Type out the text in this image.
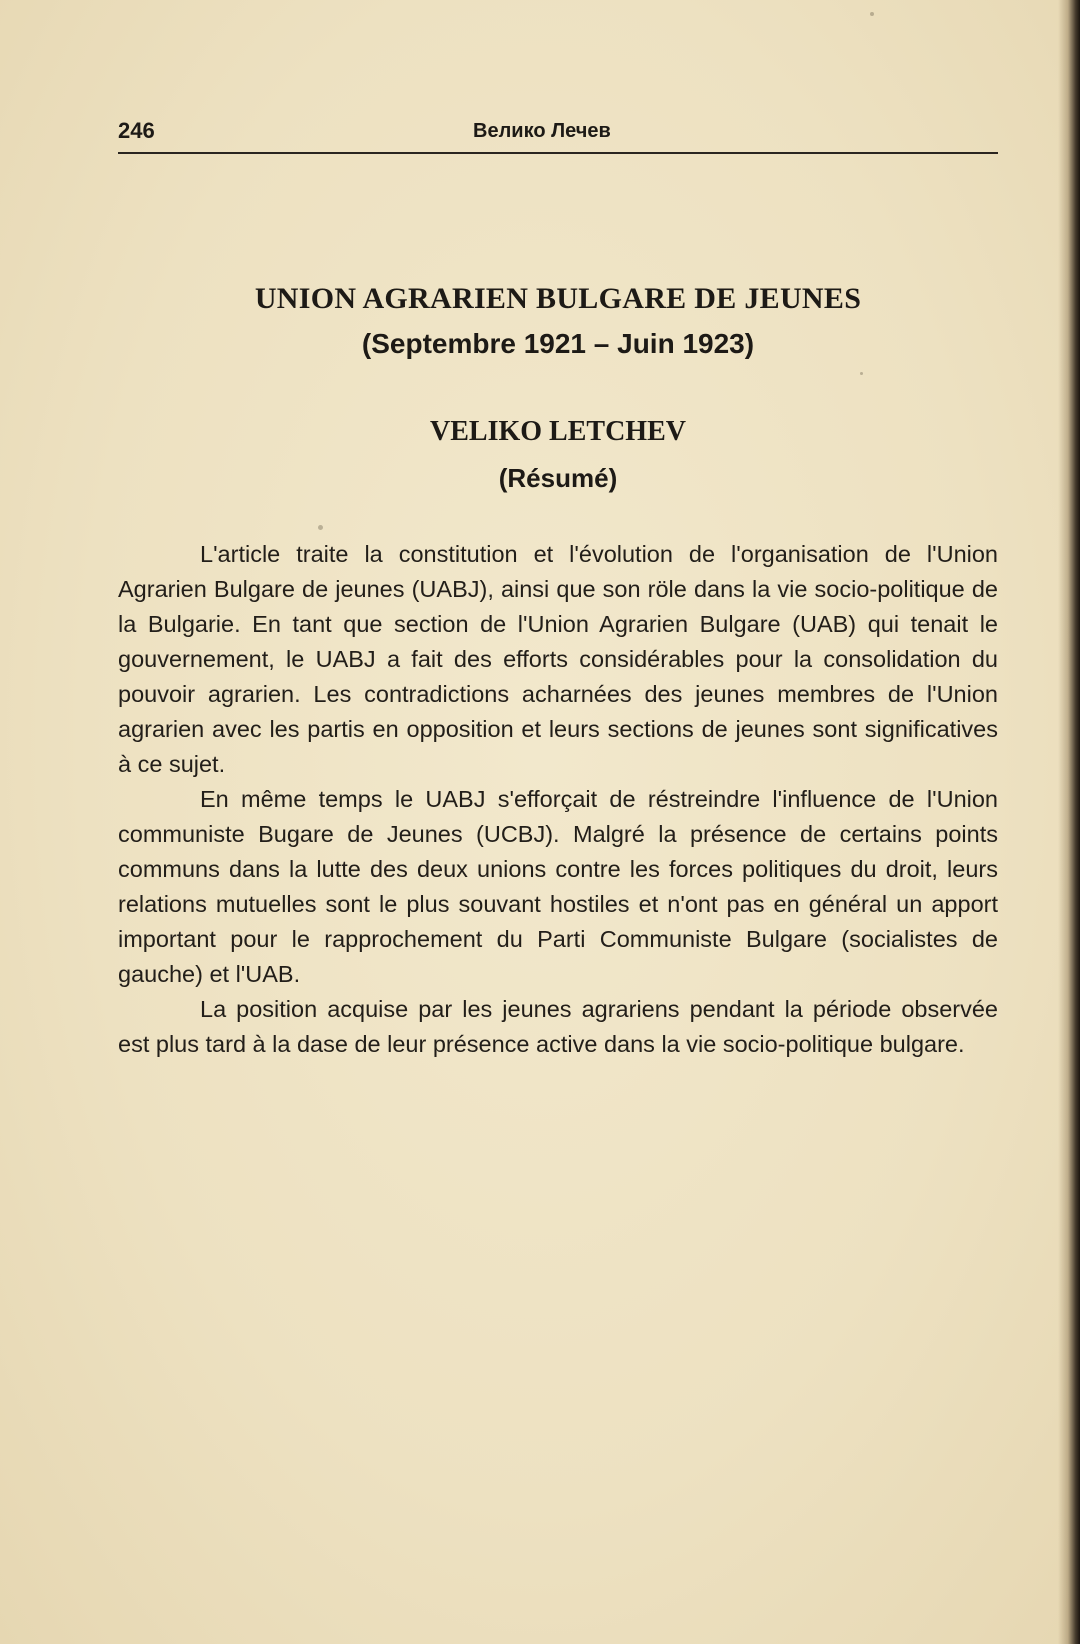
246	Велико Лечев
UNION AGRARIEN BULGARE DE JEUNES
(Septembre 1921 – Juin 1923)
VELIKO LETCHEV
(Résumé)

L'article traite la constitution et l'évolution de l'organisation de l'Union Agrarien Bulgare de jeunes (UABJ), ainsi que son röle dans la vie socio-politique de la Bulgarie. En tant que section de l'Union Agrarien Bulgare (UAB) qui tenait le gouvernement, le UABJ a fait des efforts considérables pour la consolidation du pouvoir agrarien. Les contradictions acharnées des jeunes membres de l'Union agrarien avec les partis en opposition et leurs sections de jeunes sont significatives à ce sujet.

En même temps le UABJ s'efforçait de réstreindre l'influence de l'Union communiste Bugare de Jeunes (UCBJ). Malgré la présence de certains points communs dans la lutte des deux unions contre les forces politiques du droit, leurs relations mutuelles sont le plus souvant hostiles et n'ont pas en général un apport important pour le rapprochement du Parti Communiste Bulgare (socialistes de gauche) et l'UAB.

La position acquise par les jeunes agrariens pendant la période observée est plus tard à la dase de leur présence active dans la vie socio-politique bulgare.
